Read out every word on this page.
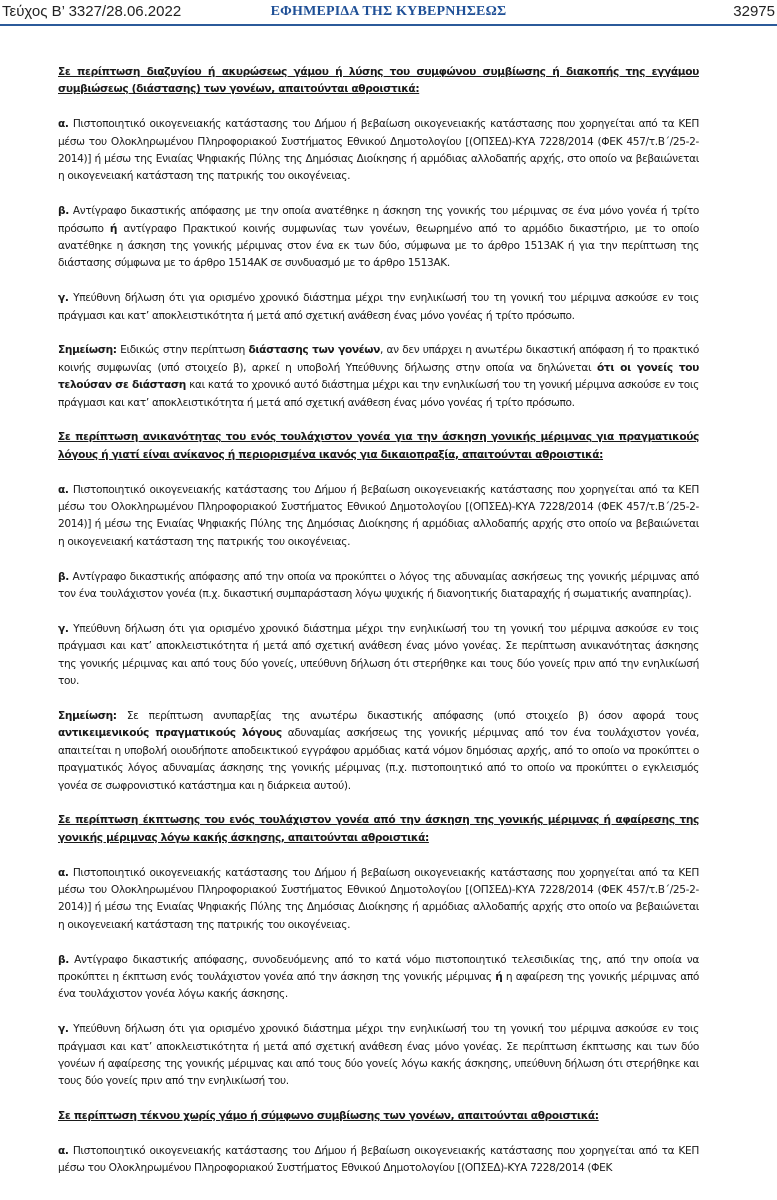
Τεύχος Β’ 3327/28.06.2022	ΕΦΗΜΕΡΙΔΑ ΤΗΣ ΚΥΒΕΡΝΗΣΕΩΣ	32975

Σε περίπτωση διαζυγίου ή ακυρώσεως γάμου ή λύσης του συμφώνου συμβίωσης ή διακοπής της εγγάμου συμβιώσεως (διάστασης) των γονέων, απαιτούνται αθροιστικά:

α. Πιστοποιητικό οικογενειακής κατάστασης του Δήμου ή βεβαίωση οικογενειακής κατάστασης που χορηγείται από τα ΚΕΠ μέσω του Ολοκληρωμένου Πληροφοριακού Συστήματος Εθνικού Δημοτολογίου [(ΟΠΣΕΔ)-ΚΥΑ 7228/2014 (ΦΕΚ 457/τ.Β΄/25-2-2014)] ή μέσω της Ενιαίας Ψηφιακής Πύλης της Δημόσιας Διοίκησης ή αρμόδιας αλλοδαπής αρχής, στο οποίο να βεβαιώνεται η οικογενειακή κατάσταση της πατρικής του οικογένειας.

β. Αντίγραφο δικαστικής απόφασης με την οποία ανατέθηκε η άσκηση της γονικής του μέριμνας σε ένα μόνο γονέα ή τρίτο πρόσωπο ή αντίγραφο Πρακτικού κοινής συμφωνίας των γονέων, θεωρημένο από το αρμόδιο δικαστήριο, με το οποίο ανατέθηκε η άσκηση της γονικής μέριμνας στον ένα εκ των δύο, σύμφωνα με το άρθρο 1513ΑΚ ή για την περίπτωση της διάστασης σύμφωνα με το άρθρο 1514ΑΚ σε συνδυασμό με το άρθρο 1513ΑΚ.

γ. Υπεύθυνη δήλωση ότι για ορισμένο χρονικό διάστημα μέχρι την ενηλικίωσή του τη γονική του μέριμνα ασκούσε εν τοις πράγμασι και κατ’ αποκλειστικότητα ή μετά από σχετική ανάθεση ένας μόνο γονέας ή τρίτο πρόσωπο.

Σημείωση: Ειδικώς στην περίπτωση διάστασης των γονέων, αν δεν υπάρχει η ανωτέρω δικαστική απόφαση ή το πρακτικό κοινής συμφωνίας (υπό στοιχείο β), αρκεί η υποβολή Υπεύθυνης δήλωσης στην οποία να δηλώνεται ότι οι γονείς του τελούσαν σε διάσταση και κατά το χρονικό αυτό διάστημα μέχρι και την ενηλικίωσή του τη γονική μέριμνα ασκούσε εν τοις πράγμασι και κατ’ αποκλειστικότητα ή μετά από σχετική ανάθεση ένας μόνο γονέας ή τρίτο πρόσωπο.

Σε περίπτωση ανικανότητας του ενός τουλάχιστον γονέα για την άσκηση γονικής μέριμνας για πραγματικούς λόγους ή γιατί είναι ανίκανος ή περιορισμένα ικανός για δικαιοπραξία, απαιτούνται αθροιστικά:

α. Πιστοποιητικό οικογενειακής κατάστασης του Δήμου ή βεβαίωση οικογενειακής κατάστασης που χορηγείται από τα ΚΕΠ μέσω του Ολοκληρωμένου Πληροφοριακού Συστήματος Εθνικού Δημοτολογίου [(ΟΠΣΕΔ)-ΚΥΑ 7228/2014 (ΦΕΚ 457/τ.Β΄/25-2-2014)] ή μέσω της Ενιαίας Ψηφιακής Πύλης της Δημόσιας Διοίκησης ή αρμόδιας αλλοδαπής αρχής στο οποίο να βεβαιώνεται η οικογενειακή κατάσταση της πατρικής του οικογένειας.

β. Αντίγραφο δικαστικής απόφασης από την οποία να προκύπτει ο λόγος της αδυναμίας ασκήσεως της γονικής μέριμνας από τον ένα τουλάχιστον γονέα (π.χ. δικαστική συμπαράσταση λόγω ψυχικής ή διανοητικής διαταραχής ή σωματικής αναπηρίας).

γ. Υπεύθυνη δήλωση ότι για ορισμένο χρονικό διάστημα μέχρι την ενηλικίωσή του τη γονική του μέριμνα ασκούσε εν τοις πράγμασι και κατ’ αποκλειστικότητα ή μετά από σχετική ανάθεση ένας μόνο γονέας. Σε περίπτωση ανικανότητας άσκησης της γονικής μέριμνας και από τους δύο γονείς, υπεύθυνη δήλωση ότι στερήθηκε και τους δύο γονείς πριν από την ενηλικίωσή του.

Σημείωση: Σε περίπτωση ανυπαρξίας της ανωτέρω δικαστικής απόφασης (υπό στοιχείο β) όσον αφορά τους αντικειμενικούς πραγματικούς λόγους αδυναμίας ασκήσεως της γονικής μέριμνας από τον ένα τουλάχιστον γονέα, απαιτείται η υποβολή οιουδήποτε αποδεικτικού εγγράφου αρμόδιας κατά νόμον δημόσιας αρχής, από το οποίο να προκύπτει ο πραγματικός λόγος αδυναμίας άσκησης της γονικής μέριμνας (π.χ. πιστοποιητικό από το οποίο να προκύπτει ο εγκλεισμός γονέα σε σωφρονιστικό κατάστημα και η διάρκεια αυτού).

Σε περίπτωση έκπτωσης του ενός τουλάχιστον γονέα από την άσκηση της γονικής μέριμνας ή αφαίρεσης της γονικής μέριμνας λόγω κακής άσκησης, απαιτούνται αθροιστικά:

α. Πιστοποιητικό οικογενειακής κατάστασης του Δήμου ή βεβαίωση οικογενειακής κατάστασης που χορηγείται από τα ΚΕΠ μέσω του Ολοκληρωμένου Πληροφοριακού Συστήματος Εθνικού Δημοτολογίου [(ΟΠΣΕΔ)-ΚΥΑ 7228/2014 (ΦΕΚ 457/τ.Β΄/25-2-2014)] ή μέσω της Ενιαίας Ψηφιακής Πύλης της Δημόσιας Διοίκησης ή αρμόδιας αλλοδαπής αρχής στο οποίο να βεβαιώνεται η οικογενειακή κατάσταση της πατρικής του οικογένειας.

β. Αντίγραφο δικαστικής απόφασης, συνοδευόμενης από το κατά νόμο πιστοποιητικό τελεσιδικίας της, από την οποία να προκύπτει η έκπτωση ενός τουλάχιστον γονέα από την άσκηση της γονικής μέριμνας ή η αφαίρεση της γονικής μέριμνας από ένα τουλάχιστον γονέα λόγω κακής άσκησης.

γ. Υπεύθυνη δήλωση ότι για ορισμένο χρονικό διάστημα μέχρι την ενηλικίωσή του τη γονική του μέριμνα ασκούσε εν τοις πράγμασι και κατ’ αποκλειστικότητα ή μετά από σχετική ανάθεση ένας μόνο γονέας. Σε περίπτωση έκπτωσης και των δύο γονέων ή αφαίρεσης της γονικής μέριμνας και από τους δύο γονείς λόγω κακής άσκησης, υπεύθυνη δήλωση ότι στερήθηκε και τους δύο γονείς πριν από την ενηλικίωσή του.

Σε περίπτωση τέκνου χωρίς γάμο ή σύμφωνο συμβίωσης των γονέων, απαιτούνται αθροιστικά:

α. Πιστοποιητικό οικογενειακής κατάστασης του Δήμου ή βεβαίωση οικογενειακής κατάστασης που χορηγείται από τα ΚΕΠ μέσω του Ολοκληρωμένου Πληροφοριακού Συστήματος Εθνικού Δημοτολογίου [(ΟΠΣΕΔ)-ΚΥΑ 7228/2014 (ΦΕΚ
